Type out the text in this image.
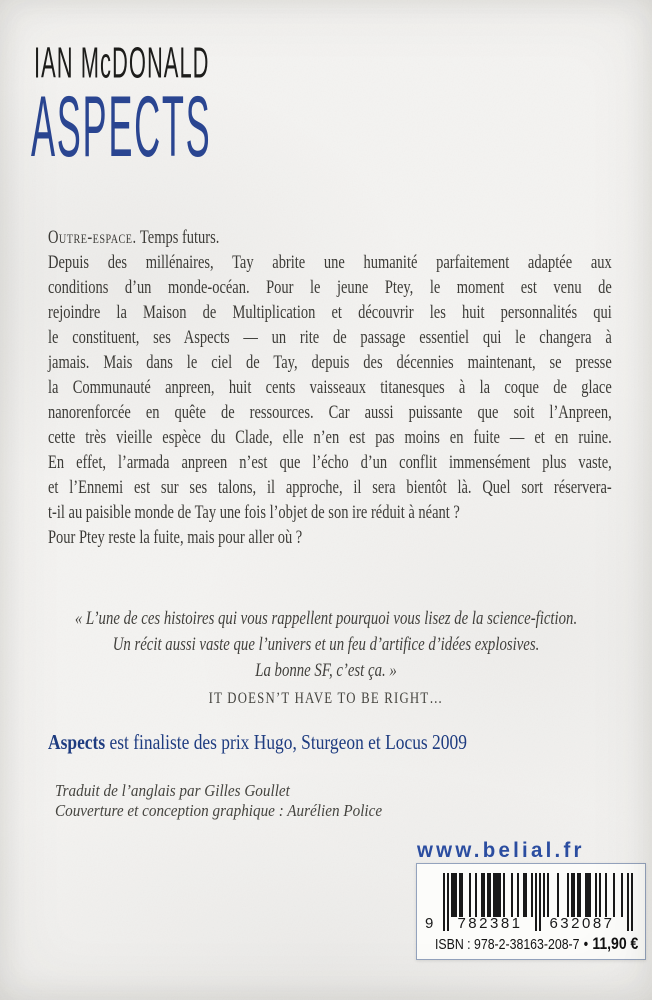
IAN McDONALD
ASPECTS
Outre-espace. Temps futurs.
Depuis des millénaires, Tay abrite une humanité parfaitement adaptée aux
conditions d’un monde-océan. Pour le jeune Ptey, le moment est venu de
rejoindre la Maison de Multiplication et découvrir les huit personnalités qui
le constituent, ses Aspects — un rite de passage essentiel qui le changera à
jamais. Mais dans le ciel de Tay, depuis des décennies maintenant, se presse
la Communauté anpreen, huit cents vaisseaux titanesques à la coque de glace
nanorenforcée en quête de ressources. Car aussi puissante que soit l’Anpreen,
cette très vieille espèce du Clade, elle n’en est pas moins en fuite — et en ruine.
En effet, l’armada anpreen n’est que l’écho d’un conflit immensément plus vaste,
et l’Ennemi est sur ses talons, il approche, il sera bientôt là. Quel sort réservera-
t-il au paisible monde de Tay une fois l’objet de son ire réduit à néant ?
Pour Ptey reste la fuite, mais pour aller où ?
« L’une de ces histoires qui vous rappellent pourquoi vous lisez de la science-fiction.
Un récit aussi vaste que l’univers et un feu d’artifice d’idées explosives.
La bonne SF, c’est ça. »
IT DOESN’T HAVE TO BE RIGHT…
Aspects est finaliste des prix Hugo, Sturgeon et Locus 2009
Traduit de l’anglais par Gilles Goullet
Couverture et conception graphique : Aurélien Police
www.belial.fr
9	782381	632087
ISBN : 978-2-38163-208-7 • 11,90 €
